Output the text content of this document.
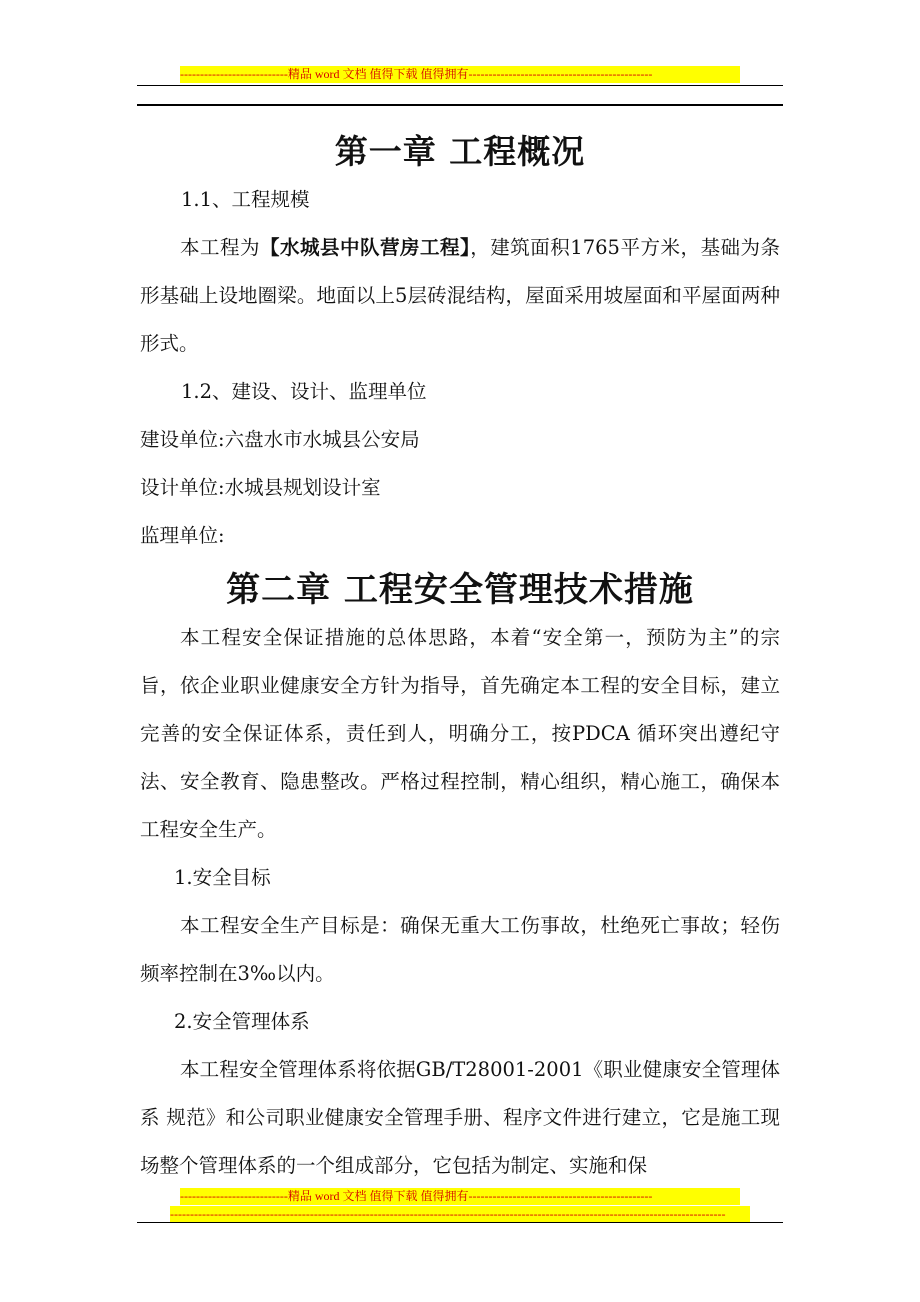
---------------------------精品 word 文档 值得下载 值得拥有----------------------------------------------
第一章 工程概况

1.1、工程规模

本工程为【水城县中队营房工程】，建筑面积1765平方米，基础为条形基础上设地圈梁。地面以上5层砖混结构，屋面采用坡屋面和平屋面两种形式。

1.2、建设、设计、监理单位

建设单位:六盘水市水城县公安局

设计单位:水城县规划设计室

监理单位:

第二章 工程安全管理技术措施

本工程安全保证措施的总体思路，本着“安全第一，预防为主”的宗旨，依企业职业健康安全方针为指导，首先确定本工程的安全目标，建立完善的安全保证体系，责任到人，明确分工，按PDCA 循环突出遵纪守法、安全教育、隐患整改。严格过程控制，精心组织，精心施工，确保本工程安全生产。

1.安全目标

本工程安全生产目标是：确保无重大工伤事故，杜绝死亡事故；轻伤频率控制在3‰以内。

2.安全管理体系

本工程安全管理体系将依据GB/T28001-2001《职业健康安全管理体系 规范》和公司职业健康安全管理手册、程序文件进行建立，它是施工现场整个管理体系的一个组成部分，它包括为制定、实施和保

---------------------------精品 word 文档 值得下载 值得拥有----------------------------------------------
-------------------------------------------------------------------------------------------------------------------------------------------
